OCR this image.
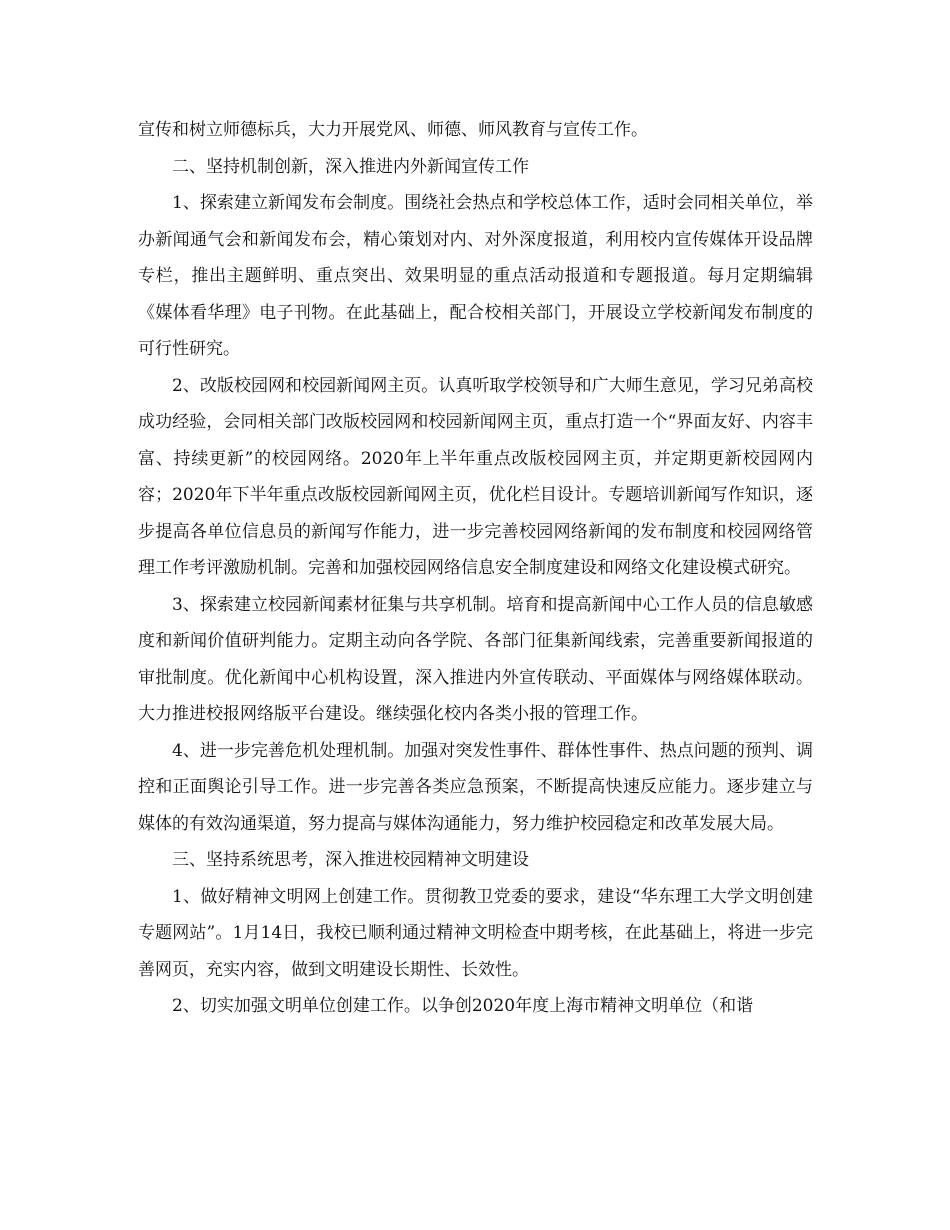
宣传和树立师德标兵，大力开展党风、师德、师风教育与宣传工作。

二、坚持机制创新，深入推进内外新闻宣传工作

1、探索建立新闻发布会制度。围绕社会热点和学校总体工作，适时会同相关单位，举办新闻通气会和新闻发布会，精心策划对内、对外深度报道，利用校内宣传媒体开设品牌专栏，推出主题鲜明、重点突出、效果明显的重点活动报道和专题报道。每月定期编辑《媒体看华理》电子刊物。在此基础上，配合校相关部门，开展设立学校新闻发布制度的可行性研究。

2、改版校园网和校园新闻网主页。认真听取学校领导和广大师生意见，学习兄弟高校成功经验，会同相关部门改版校园网和校园新闻网主页，重点打造一个“界面友好、内容丰富、持续更新”的校园网络。2020年上半年重点改版校园网主页，并定期更新校园网内容；2020年下半年重点改版校园新闻网主页，优化栏目设计。专题培训新闻写作知识，逐步提高各单位信息员的新闻写作能力，进一步完善校园网络新闻的发布制度和校园网络管理工作考评激励机制。完善和加强校园网络信息安全制度建设和网络文化建设模式研究。

3、探索建立校园新闻素材征集与共享机制。培育和提高新闻中心工作人员的信息敏感度和新闻价值研判能力。定期主动向各学院、各部门征集新闻线索，完善重要新闻报道的审批制度。优化新闻中心机构设置，深入推进内外宣传联动、平面媒体与网络媒体联动。大力推进校报网络版平台建设。继续强化校内各类小报的管理工作。

4、进一步完善危机处理机制。加强对突发性事件、群体性事件、热点问题的预判、调控和正面舆论引导工作。进一步完善各类应急预案，不断提高快速反应能力。逐步建立与媒体的有效沟通渠道，努力提高与媒体沟通能力，努力维护校园稳定和改革发展大局。

三、坚持系统思考，深入推进校园精神文明建设

1、做好精神文明网上创建工作。贯彻教卫党委的要求，建设“华东理工大学文明创建专题网站”。1月14日，我校已顺利通过精神文明检查中期考核，在此基础上，将进一步完善网页，充实内容，做到文明建设长期性、长效性。

2、切实加强文明单位创建工作。以争创2020年度上海市精神文明单位（和谐
